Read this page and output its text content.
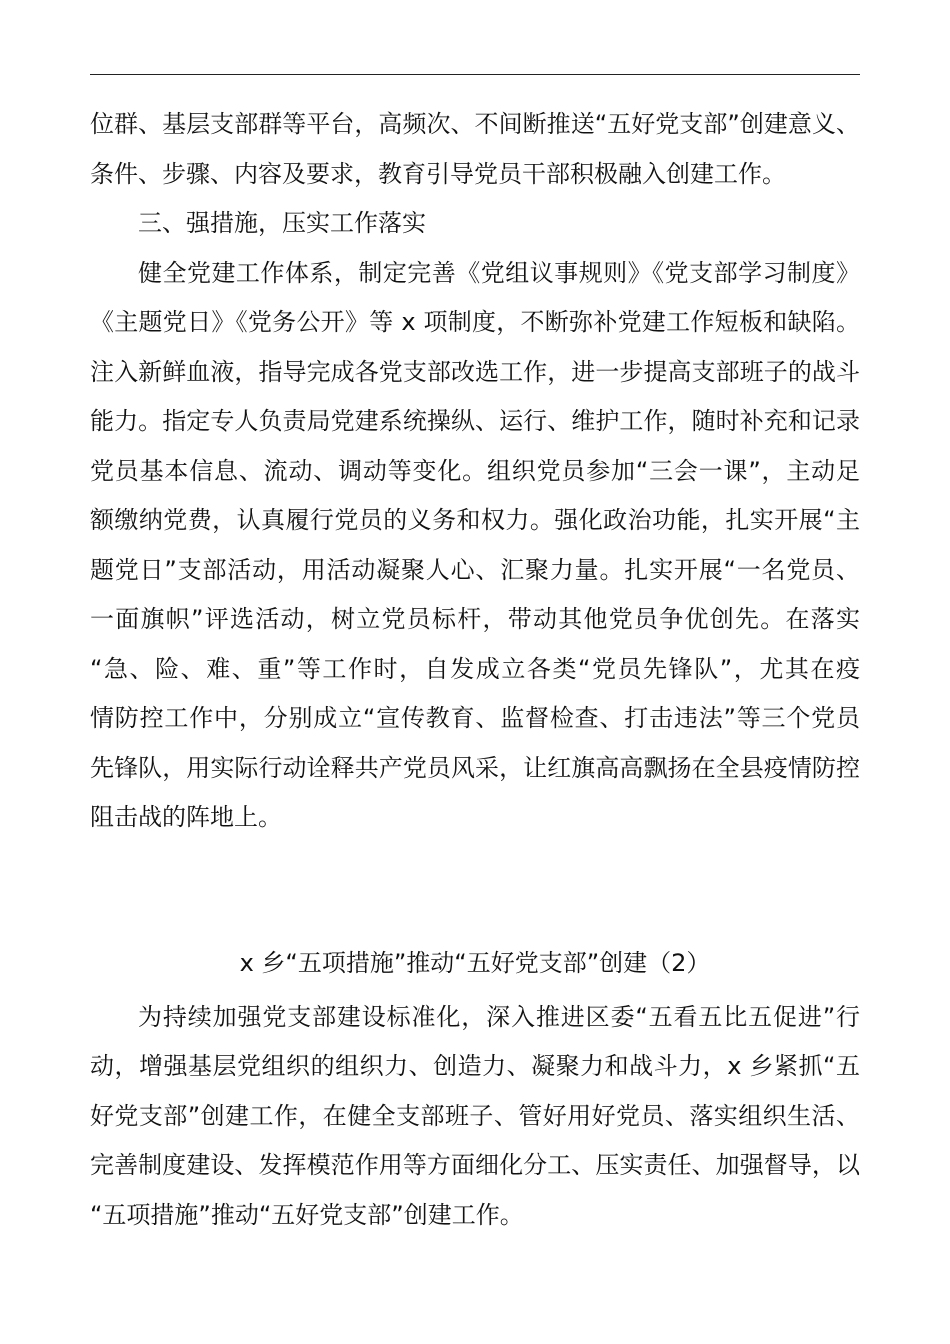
位群、基层支部群等平台，高频次、不间断推送“五好党支部”创建意义、
条件、步骤、内容及要求，教育引导党员干部积极融入创建工作。
三、强措施，压实工作落实
健全党建工作体系，制定完善《党组议事规则》《党支部学习制度》
《主题党日》《党务公开》等 x 项制度，不断弥补党建工作短板和缺陷。
注入新鲜血液，指导完成各党支部改选工作，进一步提高支部班子的战斗
能力。指定专人负责局党建系统操纵、运行、维护工作，随时补充和记录
党员基本信息、流动、调动等变化。组织党员参加“三会一课”，主动足
额缴纳党费，认真履行党员的义务和权力。强化政治功能，扎实开展“主
题党日”支部活动，用活动凝聚人心、汇聚力量。扎实开展“一名党员、
一面旗帜”评选活动，树立党员标杆，带动其他党员争优创先。在落实
“急、险、难、重”等工作时，自发成立各类“党员先锋队”，尤其在疫
情防控工作中，分别成立“宣传教育、监督检查、打击违法”等三个党员
先锋队，用实际行动诠释共产党员风采，让红旗高高飘扬在全县疫情防控
阻击战的阵地上。
x 乡“五项措施”推动“五好党支部”创建（2）
为持续加强党支部建设标准化，深入推进区委“五看五比五促进”行
动，增强基层党组织的组织力、创造力、凝聚力和战斗力，x 乡紧抓“五
好党支部”创建工作，在健全支部班子、管好用好党员、落实组织生活、
完善制度建设、发挥模范作用等方面细化分工、压实责任、加强督导，以
“五项措施”推动“五好党支部”创建工作。
